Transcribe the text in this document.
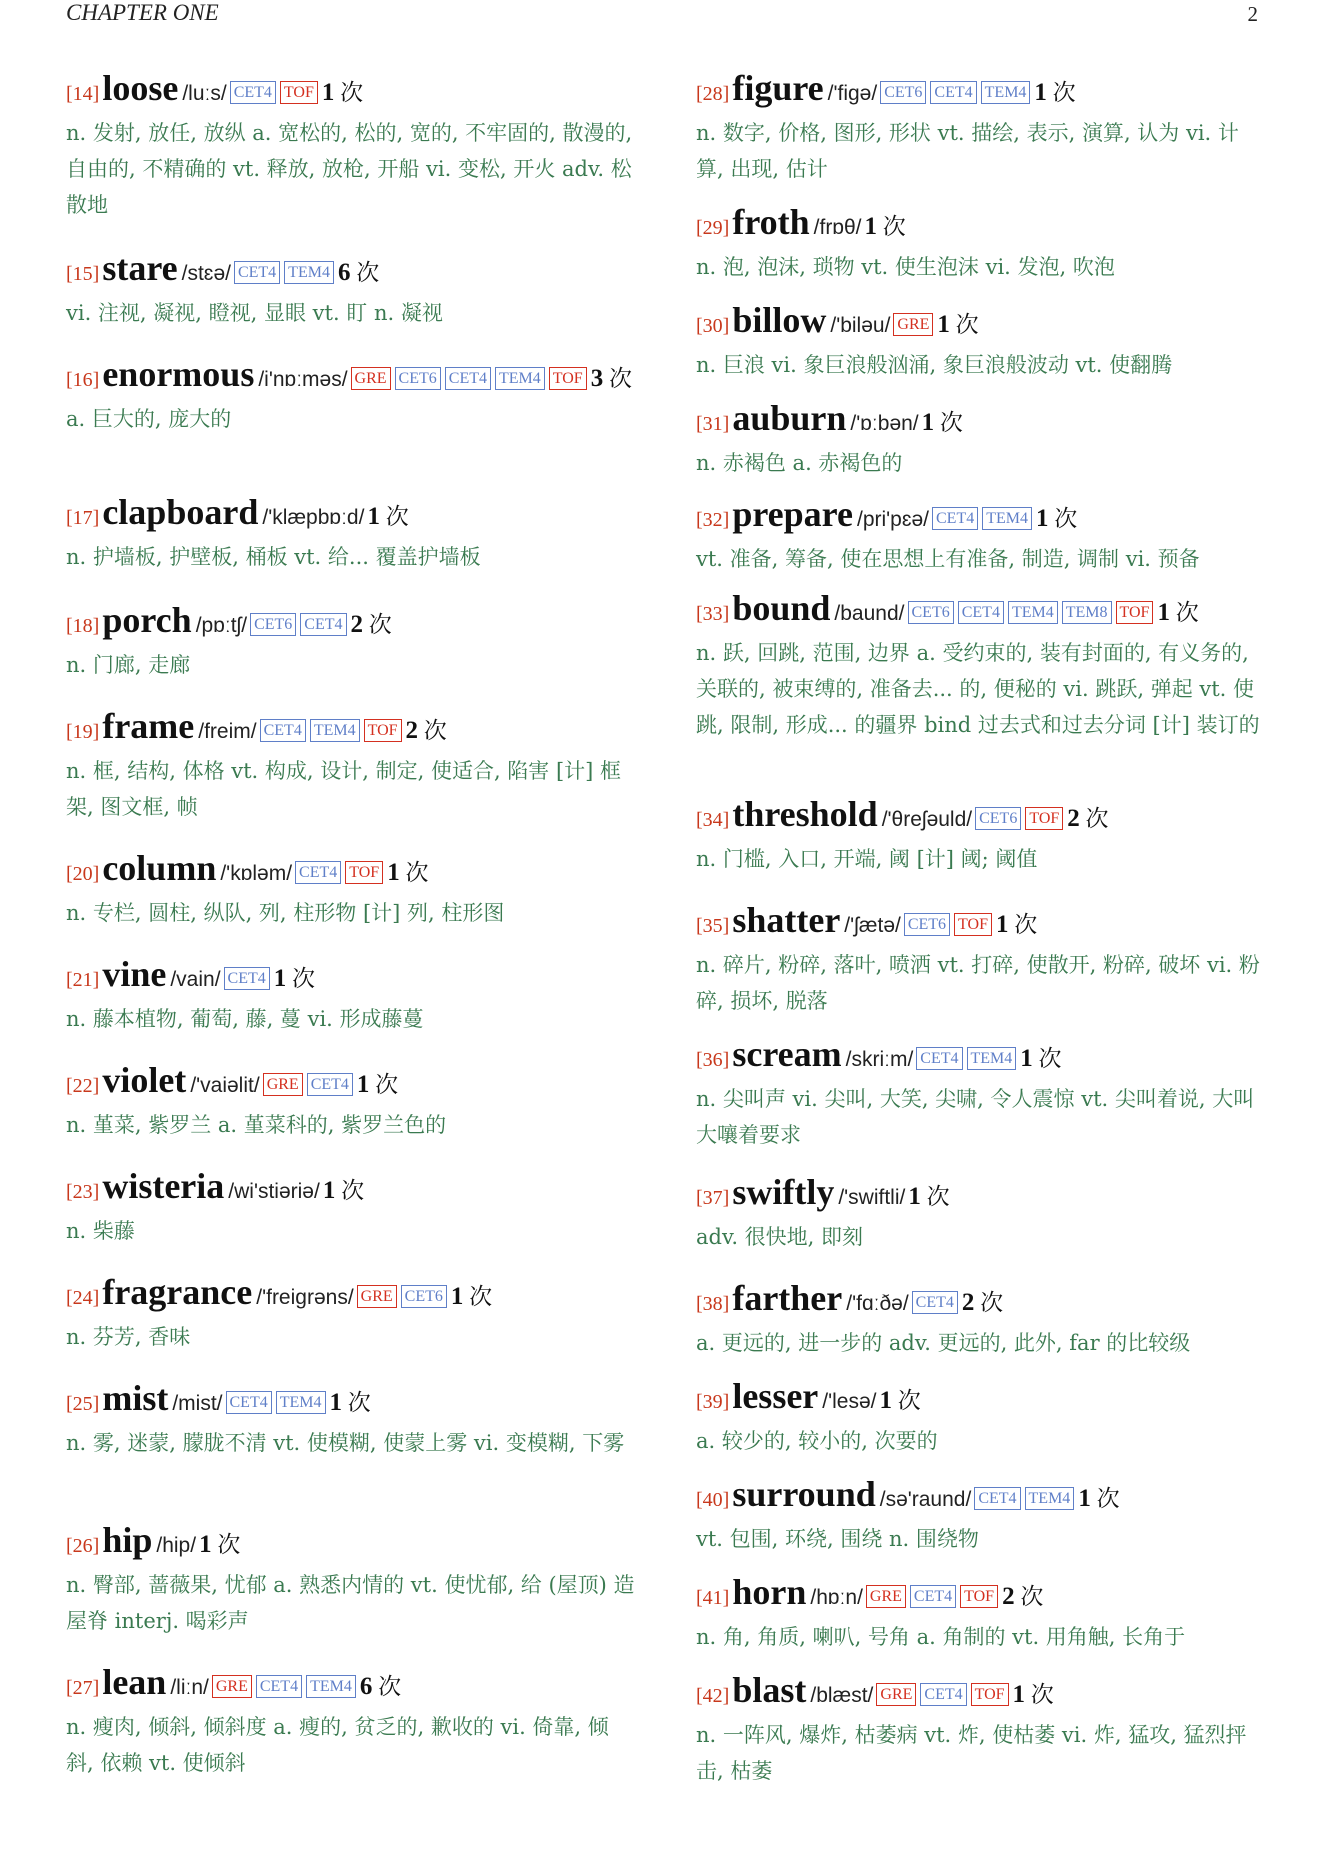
CHAPTER ONE	2
[14]loose /luːs/ CET4 TOF 1 次
n. 发射, 放任, 放纵 a. 宽松的, 松的, 宽的, 不牢固的, 散漫的, 自由的, 不精确的 vt. 释放, 放枪, 开船 vi. 变松, 开火 adv. 松散地
[15]stare /stɛə/ CET4 TEM4 6 次
vi. 注视, 凝视, 瞪视, 显眼 vt. 盯 n. 凝视
[16]enormous /i'nɒːməs/ GRE CET6 CET4 TEM4 TOF 3 次
a. 巨大的, 庞大的
[17]clapboard /'klæpbɒːd/ 1 次
n. 护墙板, 护壁板, 桶板 vt. 给... 覆盖护墙板
[18]porch /pɒːtʃ/ CET6 CET4 2 次
n. 门廊, 走廊
[19]frame /freim/ CET4 TEM4 TOF 2 次
n. 框, 结构, 体格 vt. 构成, 设计, 制定, 使适合, 陷害 [计] 框架, 图文框, 帧
[20]column /'kɒləm/ CET4 TOF 1 次
n. 专栏, 圆柱, 纵队, 列, 柱形物 [计] 列, 柱形图
[21]vine /vain/ CET4 1 次
n. 藤本植物, 葡萄, 藤, 蔓 vi. 形成藤蔓
[22]violet /'vaiəlit/ GRE CET4 1 次
n. 堇菜, 紫罗兰 a. 堇菜科的, 紫罗兰色的
[23]wisteria /wi'stiəriə/ 1 次
n. 柴藤
[24]fragrance /'freigrəns/ GRE CET6 1 次
n. 芬芳, 香味
[25]mist /mist/ CET4 TEM4 1 次
n. 雾, 迷蒙, 朦胧不清 vt. 使模糊, 使蒙上雾 vi. 变模糊, 下雾
[26]hip /hip/ 1 次
n. 臀部, 蔷薇果, 忧郁 a. 熟悉内情的 vt. 使忧郁, 给 (屋顶) 造屋脊 interj. 喝彩声
[27]lean /liːn/ GRE CET4 TEM4 6 次
n. 瘦肉, 倾斜, 倾斜度 a. 瘦的, 贫乏的, 歉收的 vi. 倚靠, 倾斜, 依赖 vt. 使倾斜
[28]figure /'figə/ CET6 CET4 TEM4 1 次
n. 数字, 价格, 图形, 形状 vt. 描绘, 表示, 演算, 认为 vi. 计算, 出现, 估计
[29]froth /frɒθ/ 1 次
n. 泡, 泡沫, 琐物 vt. 使生泡沫 vi. 发泡, 吹泡
[30]billow /'biləu/ GRE 1 次
n. 巨浪 vi. 象巨浪般汹涌, 象巨浪般波动 vt. 使翻腾
[31]auburn /'ɒːbən/ 1 次
n. 赤褐色 a. 赤褐色的
[32]prepare /pri'pɛə/ CET4 TEM4 1 次
vt. 准备, 筹备, 使在思想上有准备, 制造, 调制 vi. 预备
[33]bound /baund/ CET6 CET4 TEM4 TEM8 TOF 1 次
n. 跃, 回跳, 范围, 边界 a. 受约束的, 装有封面的, 有义务的, 关联的, 被束缚的, 准备去... 的, 便秘的 vi. 跳跃, 弹起 vt. 使跳, 限制, 形成... 的疆界 bind 过去式和过去分词 [计] 装订的
[34]threshold /'θreʃəuld/ CET6 TOF 2 次
n. 门槛, 入口, 开端, 阈 [计] 阈; 阈值
[35]shatter /'ʃætə/ CET6 TOF 1 次
n. 碎片, 粉碎, 落叶, 喷洒 vt. 打碎, 使散开, 粉碎, 破坏 vi. 粉碎, 损坏, 脱落
[36]scream /skriːm/ CET4 TEM4 1 次
n. 尖叫声 vi. 尖叫, 大笑, 尖啸, 令人震惊 vt. 尖叫着说, 大叫大嚷着要求
[37]swiftly /'swiftli/ 1 次
adv. 很快地, 即刻
[38]farther /'fɑːðə/ CET4 2 次
a. 更远的, 进一步的 adv. 更远的, 此外, far 的比较级
[39]lesser /'lesə/ 1 次
a. 较少的, 较小的, 次要的
[40]surround /sə'raund/ CET4 TEM4 1 次
vt. 包围, 环绕, 围绕 n. 围绕物
[41]horn /hɒːn/ GRE CET4 TOF 2 次
n. 角, 角质, 喇叭, 号角 a. 角制的 vt. 用角触, 长角于
[42]blast /blæst/ GRE CET4 TOF 1 次
n. 一阵风, 爆炸, 枯萎病 vt. 炸, 使枯萎 vi. 炸, 猛攻, 猛烈抨击, 枯萎
